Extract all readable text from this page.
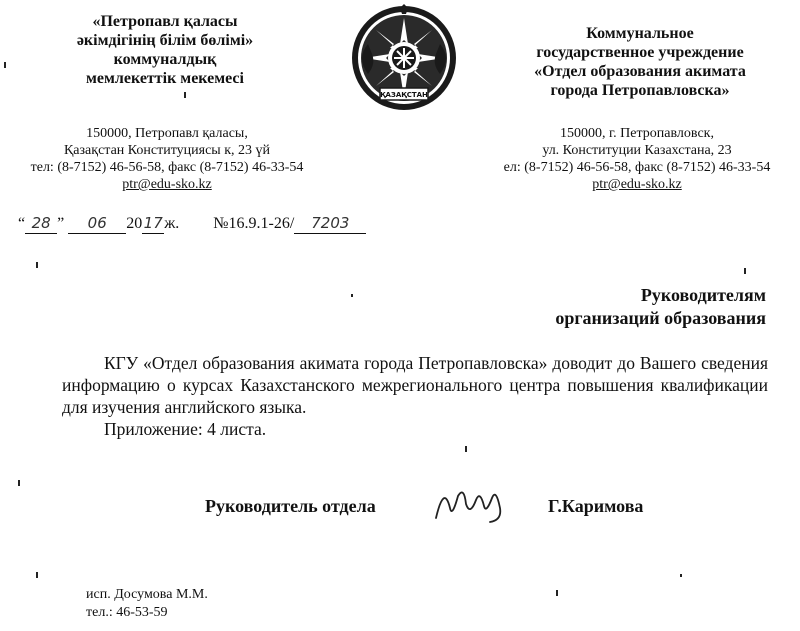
«Петропавл қаласы
әкімдігінің білім бөлімі»
коммуналдық
мемлекеттік мекемесі
ҚАЗАҚСТАН
Коммунальное
государственное учреждение
«Отдел образования акимата
города Петропавловска»
150000, Петропавл қаласы,
Қазақстан Конституциясы к, 23 үй
тел: (8-7152) 46-56-58, факс (8-7152) 46-33-54
ptr@edu-sko.kz
150000, г. Петропавловск,
ул. Конституции Казахстана, 23
ел: (8-7152) 46-56-58, факс (8-7152) 46-33-54
ptr@edu-sko.kz
“ 28 ” 06 2017ж. №16.9.1-26/ 7203
Руководителям
организаций образования
КГУ «Отдел образования акимата города Петропавловска» доводит до Вашего сведения информацию о курсах Казахстанского межрегионального центра повышения квалификации для изучения английского языка.
Приложение: 4 листа.
Руководитель отдела	Г.Каримова
исп. Досумова М.М.
тел.: 46-53-59
